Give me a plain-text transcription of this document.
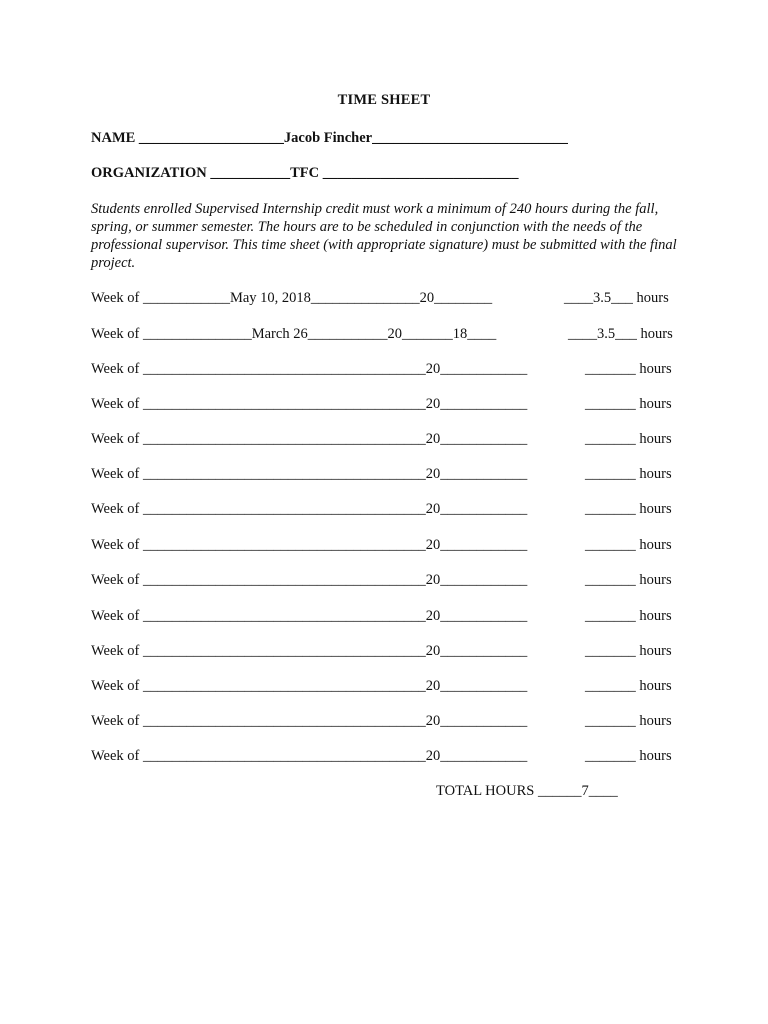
TIME SHEET
NAME ____________________Jacob Fincher___________________________
ORGANIZATION ___________TFC ___________________________
Students enrolled Supervised Internship credit must work a minimum of 240 hours during the fall, spring, or summer semester. The hours are to be scheduled in conjunction with the needs of the professional supervisor. This time sheet (with appropriate signature) must be submitted with the final project.
Week of ____________May 10, 2018_______________20________	____3.5___ hours
Week of _______________March 26___________20_______18____	____3.5___ hours
Week of _______________________________________20____________	_______ hours
Week of _______________________________________20____________	_______ hours
Week of _______________________________________20____________	_______ hours
Week of _______________________________________20____________	_______ hours
Week of _______________________________________20____________	_______ hours
Week of _______________________________________20____________	_______ hours
Week of _______________________________________20____________	_______ hours
Week of _______________________________________20____________	_______ hours
Week of _______________________________________20____________	_______ hours
Week of _______________________________________20____________	_______ hours
Week of _______________________________________20____________	_______ hours
Week of _______________________________________20____________	_______ hours
TOTAL HOURS ______7____
